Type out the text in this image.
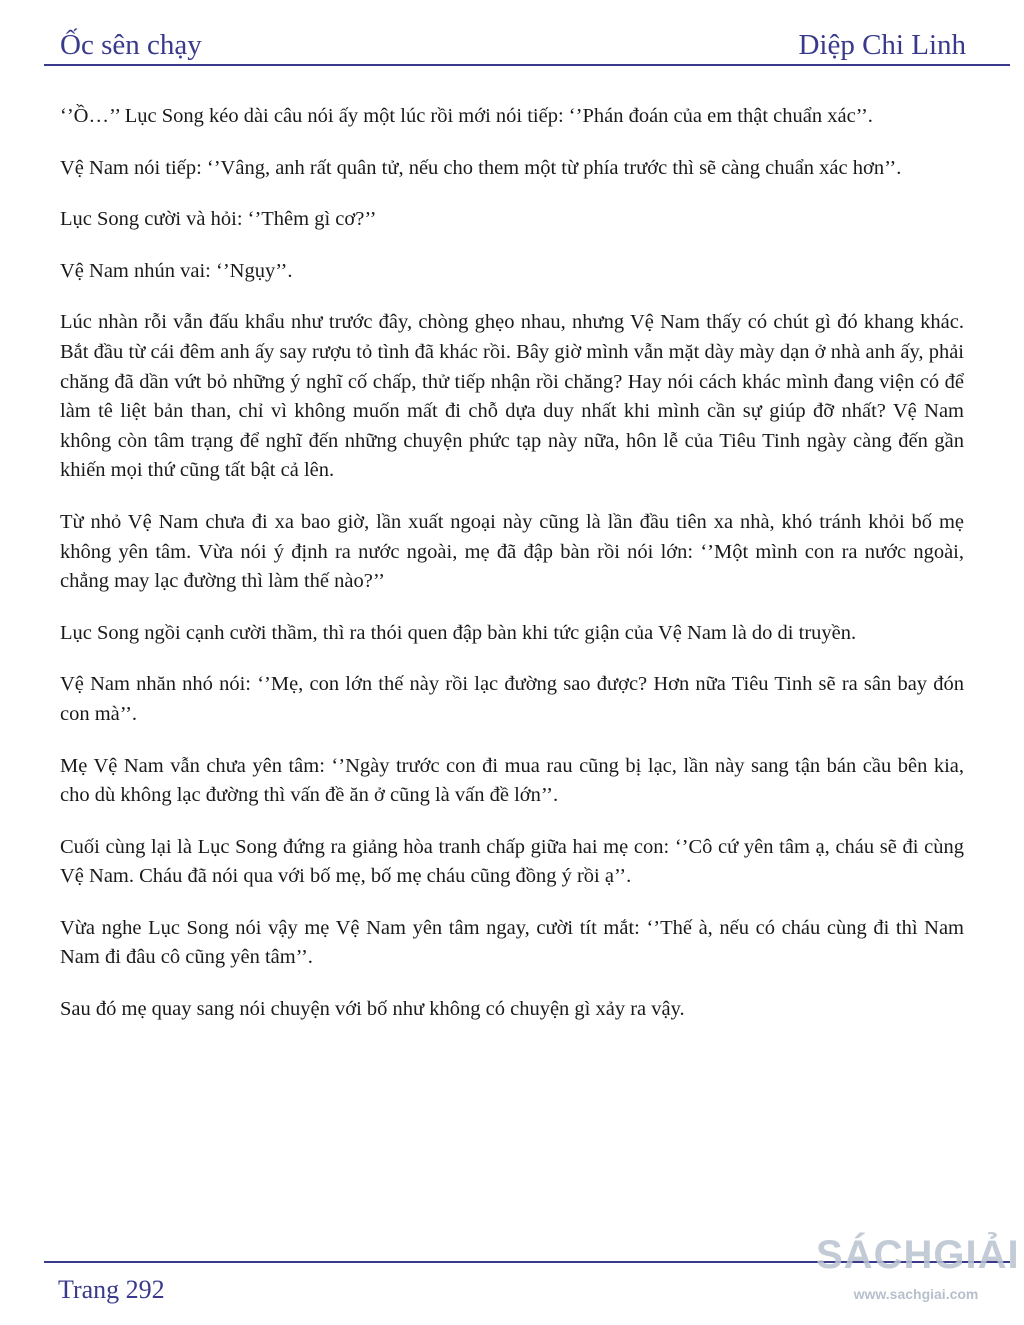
Ốc sên chạy	Diệp Chi Linh

‘’Ồ…’’ Lục Song kéo dài câu nói ấy một lúc rồi mới nói tiếp: ‘’Phán đoán của em thật chuẩn xác’’.

Vệ Nam nói tiếp: ‘’Vâng, anh rất quân tử, nếu cho them một từ phía trước thì sẽ càng chuẩn xác hơn’’.

Lục Song cười và hỏi: ‘’Thêm gì cơ?’’

Vệ Nam nhún vai: ‘’Ngụy’’.

Lúc nhàn rỗi vẫn đấu khẩu như trước đây, chòng ghẹo nhau, nhưng Vệ Nam thấy có chút gì đó khang khác. Bắt đầu từ cái đêm anh ấy say rượu tỏ tình đã khác rồi. Bây giờ mình vẫn mặt dày mày dạn ở nhà anh ấy, phải chăng đã dần vứt bỏ những ý nghĩ cố chấp, thử tiếp nhận rồi chăng? Hay nói cách khác mình đang viện có để làm tê liệt bản than, chỉ vì không muốn mất đi chỗ dựa duy nhất khi mình cần sự giúp đỡ nhất? Vệ Nam không còn tâm trạng để nghĩ đến những chuyện phức tạp này nữa, hôn lễ của Tiêu Tinh ngày càng đến gần khiến mọi thứ cũng tất bật cả lên.

Từ nhỏ Vệ Nam chưa đi xa bao giờ, lần xuất ngoại này cũng là lần đầu tiên xa nhà, khó tránh khỏi bố mẹ không yên tâm. Vừa nói ý định ra nước ngoài, mẹ đã đập bàn rồi nói lớn: ‘’Một mình con ra nước ngoài, chẳng may lạc đường thì làm thế nào?’’

Lục Song ngồi cạnh cười thầm, thì ra thói quen đập bàn khi tức giận của Vệ Nam là do di truyền.

Vệ Nam nhăn nhó nói: ‘’Mẹ, con lớn thế này rồi lạc đường sao được? Hơn nữa Tiêu Tinh sẽ ra sân bay đón con mà’’.

Mẹ Vệ Nam vẫn chưa yên tâm: ‘’Ngày trước con đi mua rau cũng bị lạc, lần này sang tận bán cầu bên kia, cho dù không lạc đường thì vấn đề ăn ở cũng là vấn đề lớn’’.

Cuối cùng lại là Lục Song đứng ra giảng hòa tranh chấp giữa hai mẹ con: ‘’Cô cứ yên tâm ạ, cháu sẽ đi cùng Vệ Nam. Cháu đã nói qua với bố mẹ, bố mẹ cháu cũng đồng ý rồi ạ’’.

Vừa nghe Lục Song nói vậy mẹ Vệ Nam yên tâm ngay, cười tít mắt: ‘’Thế à, nếu có cháu cùng đi thì Nam Nam đi đâu cô cũng yên tâm’’.

Sau đó mẹ quay sang nói chuyện với bố như không có chuyện gì xảy ra vậy.

Trang 292
SÁCHGIẢI
www.sachgiai.com
